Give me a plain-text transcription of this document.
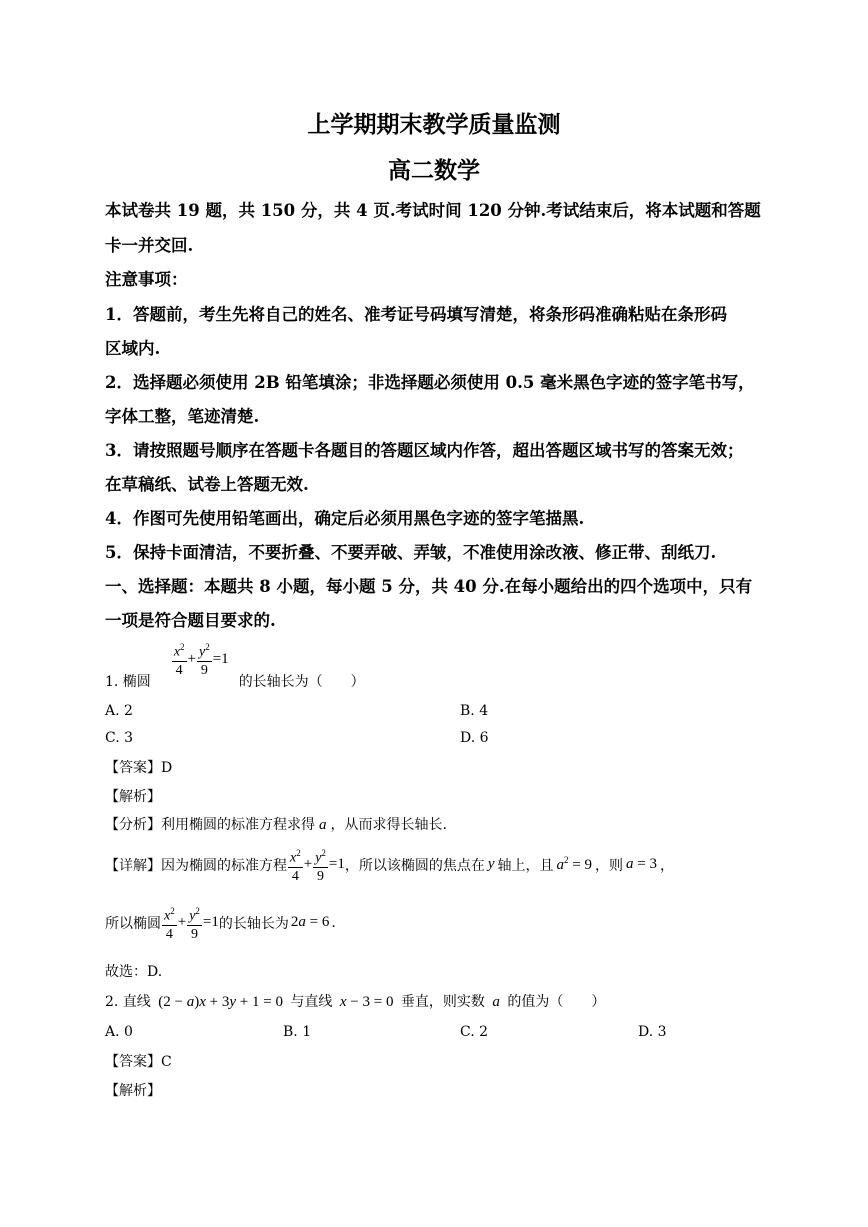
上学期期末教学质量监测
高二数学
本试卷共 19 题，共 150 分，共 4 页.考试时间 120 分钟.考试结束后，将本试题和答题
卡一并交回.
注意事项：
1．答题前，考生先将自己的姓名、准考证号码填写清楚，将条形码准确粘贴在条形码
区域内.
2．选择题必须使用 2B 铅笔填涂；非选择题必须使用 0.5 毫米黑色字迹的签字笔书写，
字体工整，笔迹清楚.
3．请按照题号顺序在答题卡各题目的答题区域内作答，超出答题区域书写的答案无效；
在草稿纸、试卷上答题无效.
4．作图可先使用铅笔画出，确定后必须用黑色字迹的签字笔描黑.
5．保持卡面清洁，不要折叠、不要弄破、弄皱，不准使用涂改液、修正带、刮纸刀.
一、选择题：本题共 8 小题，每小题 5 分，共 40 分.在每小题给出的四个选项中，只有
一项是符合题目要求的.
1. 椭圆
$\frac{x^2}{4} + \frac{y^2}{9} =1$
的长轴长为（　　）
A. 2	B. 4
C. 3	D. 6
【答案】D
【解析】
【分析】利用椭圆的标准方程求得 a ，从而求得长轴长.
【详解】因为椭圆的标准方程 $\frac{x^2}{4} + \frac{y^2}{9} =1$ ，所以该椭圆的焦点在 y 轴上，且 $a^2 = 9$ ，则 a = 3 ，
所以椭圆 $\frac{x^2}{4} + \frac{y^2}{9} =1$ 的长轴长为 2a = 6 .
故选：D.
2. 直线 (2 − a)x + 3y + 1 = 0 与直线 x − 3 = 0 垂直，则实数 a 的值为（　　）
A. 0	B. 1	C. 2	D. 3
【答案】C
【解析】
